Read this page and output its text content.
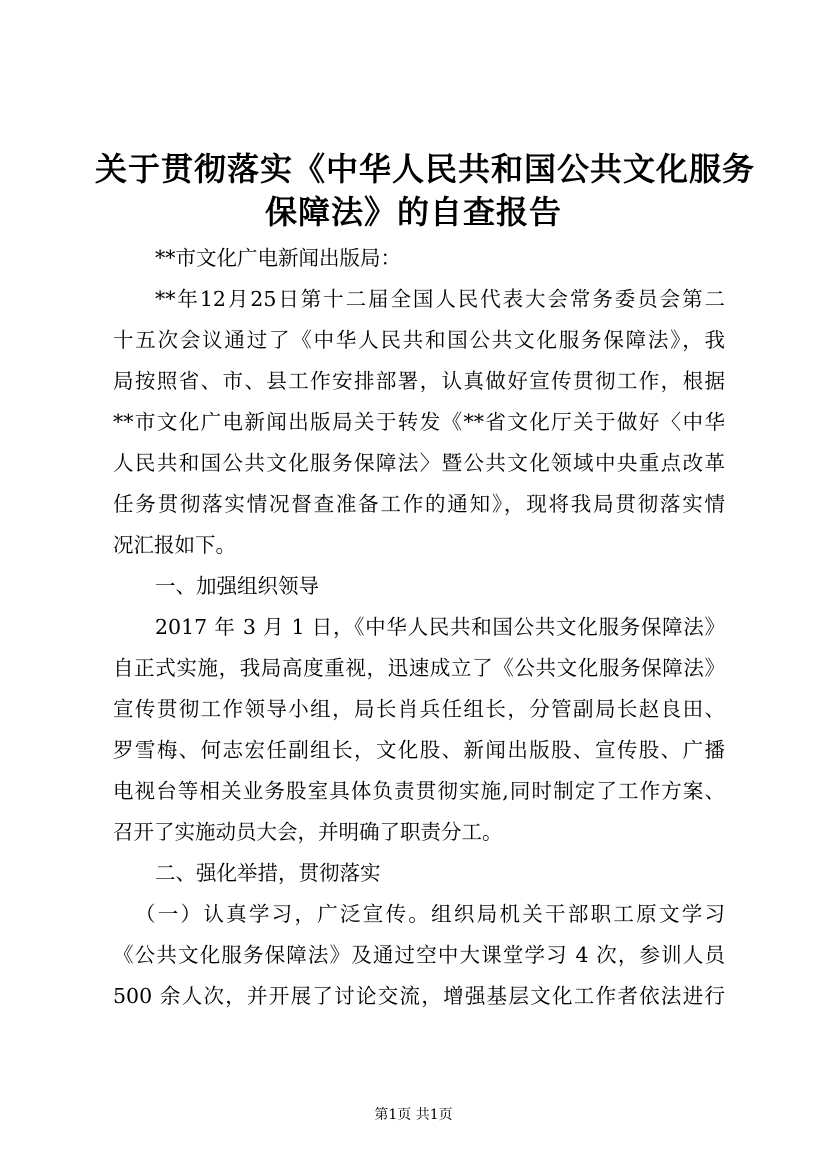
关于贯彻落实《中华人民共和国公共文化服务
保障法》的自查报告
**市文化广电新闻出版局：
**年12月25日第十二届全国人民代表大会常务委员会第二
十五次会议通过了《中华人民共和国公共文化服务保障法》，我
局按照省、市、县工作安排部署，认真做好宣传贯彻工作，根据
**市文化广电新闻出版局关于转发《**省文化厅关于做好〈中华
人民共和国公共文化服务保障法〉暨公共文化领域中央重点改革
任务贯彻落实情况督查准备工作的通知》，现将我局贯彻落实情
况汇报如下。
一、加强组织领导
2017 年 3 月 1 日，《中华人民共和国公共文化服务保障法》
自正式实施，我局高度重视，迅速成立了《公共文化服务保障法》
宣传贯彻工作领导小组，局长肖兵任组长，分管副局长赵良田、
罗雪梅、何志宏任副组长，文化股、新闻出版股、宣传股、广播
电视台等相关业务股室具体负责贯彻实施,同时制定了工作方案、
召开了实施动员大会，并明确了职责分工。
二、强化举措，贯彻落实
（一）认真学习，广泛宣传。组织局机关干部职工原文学习
《公共文化服务保障法》及通过空中大课堂学习 4 次，参训人员
500 余人次，并开展了讨论交流，增强基层文化工作者依法进行
第1页 共1页
